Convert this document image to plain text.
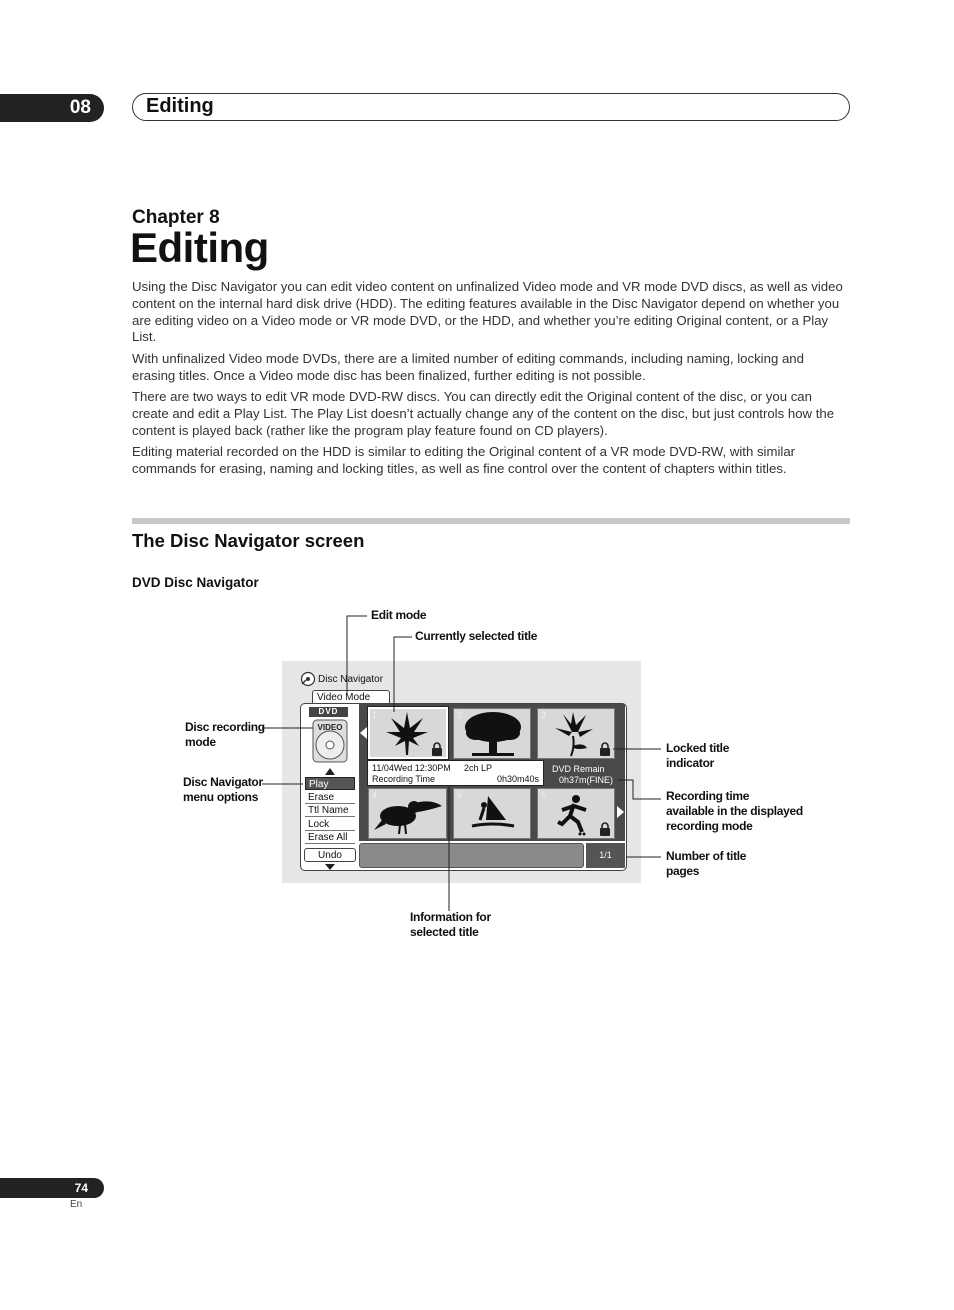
08	Editing
Chapter 8
Editing

Using the Disc Navigator you can edit video content on unfinalized Video mode and VR mode DVD discs, as well as video content on the internal hard disk drive (HDD). The editing features available in the Disc Navigator depend on whether you are editing video on a Video mode or VR mode DVD, or the HDD, and whether you’re editing Original content, or a Play List.

With unfinalized Video mode DVDs, there are a limited number of editing commands, including naming, locking and erasing titles. Once a Video mode disc has been finalized, further editing is not possible.

There are two ways to edit VR mode DVD-RW discs. You can directly edit the Original content of the disc, or you can create and edit a Play List. The Play List doesn’t actually change any of the content on the disc, but just controls how the content is played back (rather like the program play feature found on CD players).

Editing material recorded on the HDD is similar to editing the Original content of a VR mode DVD-RW, with similar commands for erasing, naming and locking titles, as well as fine control over the content of chapters within titles.

The Disc Navigator screen
DVD Disc Navigator
Disc Navigator
Video Mode
DVD
VIDEO
Play
Erase
Ttl Name
Lock
Erase All
Undo
1	2	3
11/04Wed 12:30PM 2ch LP
Recording Time	0h30m40s
DVD Remain
0h37m(FINE)
4	5	6
1/1
Edit mode
Currently selected title
Disc recording
mode
Disc Navigator
menu options
Locked title
indicator
Recording time
available in the displayed
recording mode
Number of title
pages
Information for
selected title
74
En
